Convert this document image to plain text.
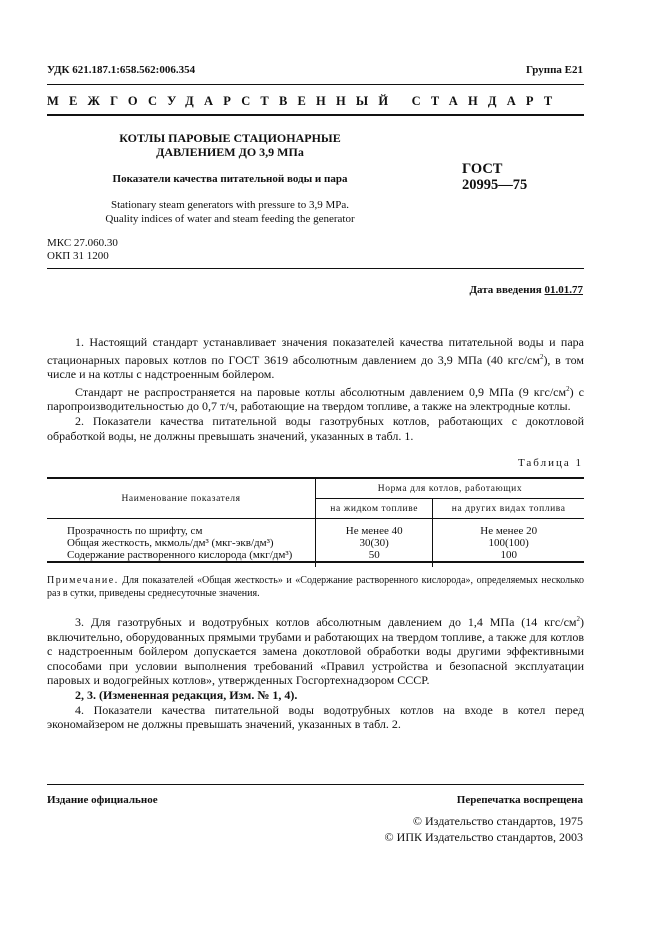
УДК 621.187.1:658.562:006.354	Группа Е21
МЕЖГОСУДАРСТВЕННЫЙ СТАНДАРТ
КОТЛЫ ПАРОВЫЕ СТАЦИОНАРНЫЕ
ДАВЛЕНИЕМ ДО 3,9 МПа
Показатели качества питательной воды и пара
ГОСТ
20995—75
Stationary steam generators with pressure to 3,9 MPa.
Quality indices of water and steam feeding the generator
МКС 27.060.30
ОКП 31 1200
Дата введения 01.01.77

1. Настоящий стандарт устанавливает значения показателей качества питательной воды и пара стационарных паровых котлов по ГОСТ 3619 абсолютным давлением до 3,9 МПа (40 кгс/$см^2$), в том числе и на котлы с надстроенным бойлером.

Стандарт не распространяется на паровые котлы абсолютным давлением 0,9 МПа (9 кгс/$см^2$) с паропроизводительностью до 0,7 т/ч, работающие на твердом топливе, а также на электродные котлы.

2. Показатели качества питательной воды газотрубных котлов, работающих с докотловой обработкой воды, не должны превышать значений, указанных в табл. 1.

Таблица 1
Наименование показателя	Норма для котлов, работающих	
	на жидком топливе	на других видах топлива
Прозрачность по шрифту, см	Не менее 40	Не менее 20
Общая жесткость, мкмоль/дм³ (мкг-экв/дм³)	30(30)	100(100)
Содержание растворенного кислорода (мкг/дм³)	50	100
Примечание. Для показателей «Общая жесткость» и «Содержание растворенного кислорода», определяемых несколько раз в сутки, приведены среднесуточные значения.

3. Для газотрубных и водотрубных котлов абсолютным давлением до 1,4 МПа (14 кгс/$см^2$) включительно, оборудованных прямыми трубами и работающих на твердом топливе, а также для котлов с надстроенным бойлером допускается замена докотловой обработки воды другими эффективными способами при условии выполнения требований «Правил устройства и безопасной эксплуатации паровых и водогрейных котлов», утвержденных Госгортехнадзором СССР.

2, 3. (Измененная редакция, Изм. № 1, 4).

4. Показатели качества питательной воды водотрубных котлов на входе в котел перед экономайзером не должны превышать значений, указанных в табл. 2.

Издание официальное	Перепечатка воспрещена
© Издательство стандартов, 1975
© ИПК Издательство стандартов, 2003
